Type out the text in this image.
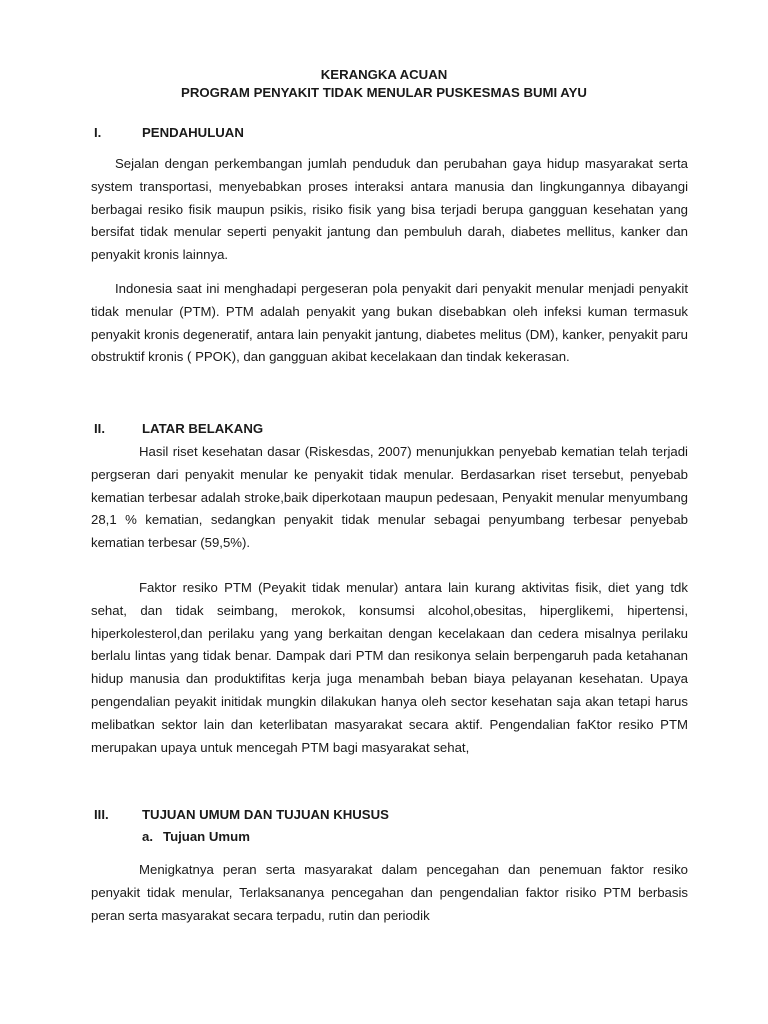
KERANGKA ACUAN
PROGRAM PENYAKIT TIDAK MENULAR PUSKESMAS BUMI AYU
I.	PENDAHULUAN

Sejalan dengan perkembangan jumlah penduduk dan perubahan gaya hidup masyarakat serta system transportasi, menyebabkan proses interaksi antara manusia dan lingkungannya dibayangi berbagai resiko fisik maupun psikis, risiko fisik yang bisa terjadi berupa gangguan kesehatan yang bersifat tidak menular seperti penyakit jantung dan pembuluh darah, diabetes mellitus, kanker dan penyakit kronis lainnya.

Indonesia saat ini menghadapi pergeseran pola penyakit dari penyakit menular menjadi penyakit tidak menular (PTM). PTM adalah penyakit yang bukan disebabkan oleh infeksi kuman termasuk penyakit kronis degeneratif, antara lain penyakit jantung, diabetes melitus (DM), kanker, penyakit paru obstruktif kronis ( PPOK), dan gangguan akibat kecelakaan dan tindak kekerasan.

II.	LATAR BELAKANG

Hasil riset kesehatan dasar (Riskesdas, 2007) menunjukkan penyebab kematian telah terjadi pergseran dari penyakit menular ke penyakit tidak menular. Berdasarkan riset tersebut, penyebab kematian terbesar adalah stroke,baik diperkotaan maupun pedesaan, Penyakit menular menyumbang 28,1 % kematian, sedangkan penyakit tidak menular sebagai penyumbang terbesar penyebab kematian terbesar (59,5%).

Faktor resiko PTM (Peyakit tidak menular) antara lain kurang aktivitas fisik, diet yang tdk sehat, dan tidak seimbang, merokok, konsumsi alcohol,obesitas, hiperglikemi, hipertensi, hiperkolesterol,dan perilaku yang yang berkaitan dengan kecelakaan dan cedera misalnya perilaku berlalu lintas yang tidak benar. Dampak dari PTM dan resikonya selain berpengaruh pada ketahanan hidup manusia dan produktifitas kerja juga menambah beban biaya pelayanan kesehatan. Upaya pengendalian peyakit initidak mungkin dilakukan hanya oleh sector kesehatan saja akan tetapi harus melibatkan sektor lain dan keterlibatan masyarakat secara aktif. Pengendalian faKtor resiko PTM merupakan upaya untuk mencegah PTM bagi masyarakat sehat,

III.	TUJUAN UMUM DAN TUJUAN KHUSUS
a. Tujuan Umum

Menigkatnya peran serta masyarakat dalam pencegahan dan penemuan faktor resiko penyakit tidak menular, Terlaksananya pencegahan dan pengendalian faktor risiko PTM berbasis peran serta masyarakat secara terpadu, rutin dan periodik
